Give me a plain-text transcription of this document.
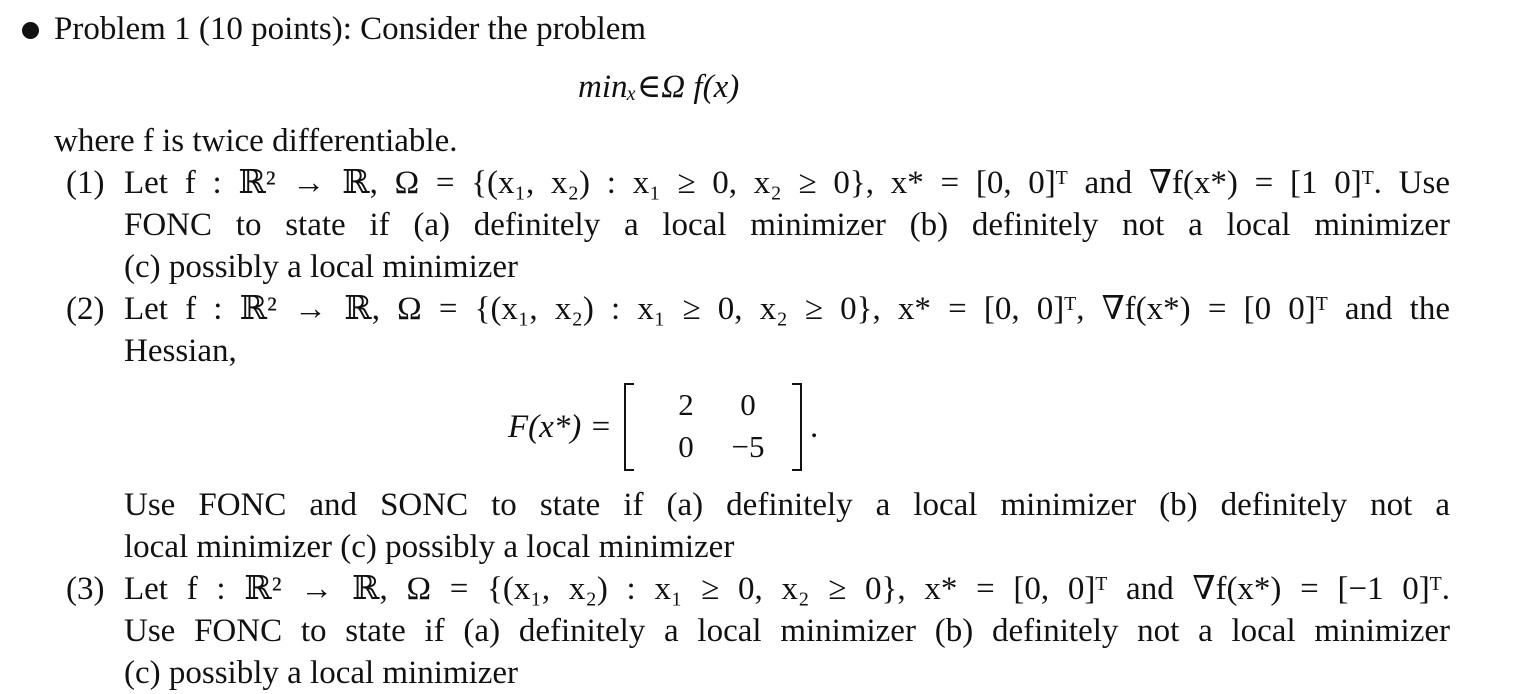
Problem 1 (10 points): Consider the problem
minₓ∈Ω f(x)
where f is twice differentiable.
(1) Let f : ℝ² → ℝ, Ω = {(x₁, x₂) : x₁ ≥ 0, x₂ ≥ 0}, x* = [0, 0]ᵀ and ∇f(x*) = [1 0]ᵀ. Use
FONC to state if (a) definitely a local minimizer (b) definitely not a local minimizer
(c) possibly a local minimizer
(2) Let f : ℝ² → ℝ, Ω = {(x₁, x₂) : x₁ ≥ 0, x₂ ≥ 0}, x* = [0, 0]ᵀ, ∇f(x*) = [0 0]ᵀ and the
Hessian,
F(x*) =
2	0
0	−5
.
Use FONC and SONC to state if (a) definitely a local minimizer (b) definitely not a
local minimizer (c) possibly a local minimizer
(3) Let f : ℝ² → ℝ, Ω = {(x₁, x₂) : x₁ ≥ 0, x₂ ≥ 0}, x* = [0, 0]ᵀ and ∇f(x*) = [−1 0]ᵀ.
Use FONC to state if (a) definitely a local minimizer (b) definitely not a local minimizer
(c) possibly a local minimizer
